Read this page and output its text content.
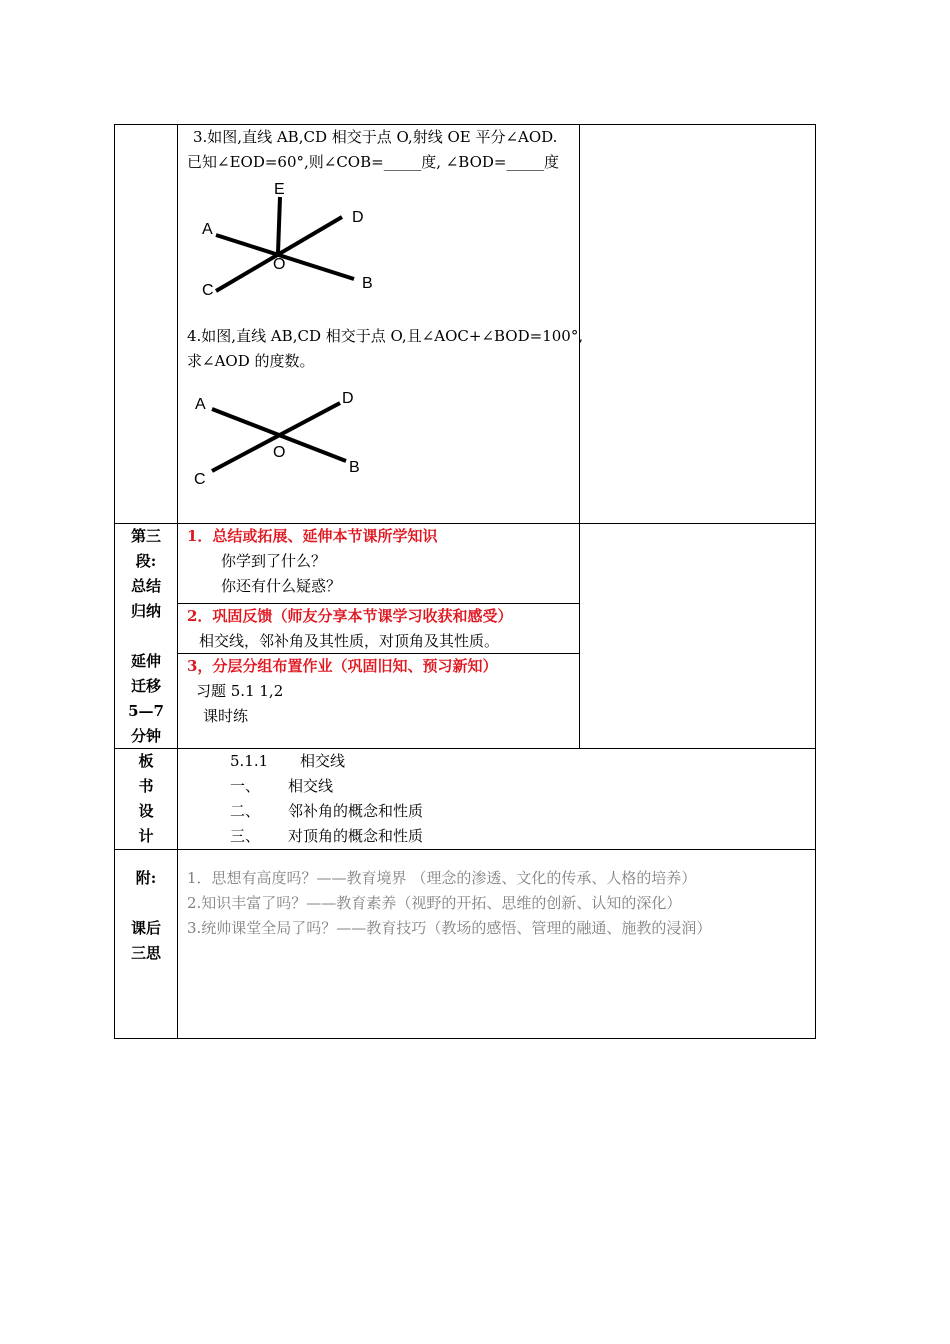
3.如图,直线 AB,CD 相交于点 O,射线 OE 平分∠AOD.
已知∠EOD=60°,则∠COB=_____度, ∠BOD=_____度
E
D
A
O
C	B
4.如图,直线 AB,CD 相交于点 O,且∠AOC+∠BOD=100°,
求∠AOD 的度数。
A	D
O
C
B
第三
段:
总结
归纳
延伸
迁移
5—7
分钟
1．总结或拓展、延伸本节课所学知识
你学到了什么？
你还有什么疑惑？
2．巩固反馈（师友分享本节课学习收获和感受）
相交线，邻补角及其性质，对顶角及其性质。
3，分层分组布置作业（巩固旧知、预习新知）
习题 5.1 1,2
课时练
板
书
设
计
5.1.1 相交线
一、 相交线
二、 邻补角的概念和性质
三、 对顶角的概念和性质
附:
课后
三思
1．思想有高度吗？——教育境界 （理念的渗透、文化的传承、人格的培养）
2.知识丰富了吗？——教育素养（视野的开拓、思维的创新、认知的深化）
3.统帅课堂全局了吗？——教育技巧（教场的感悟、管理的融通、施教的浸润）
